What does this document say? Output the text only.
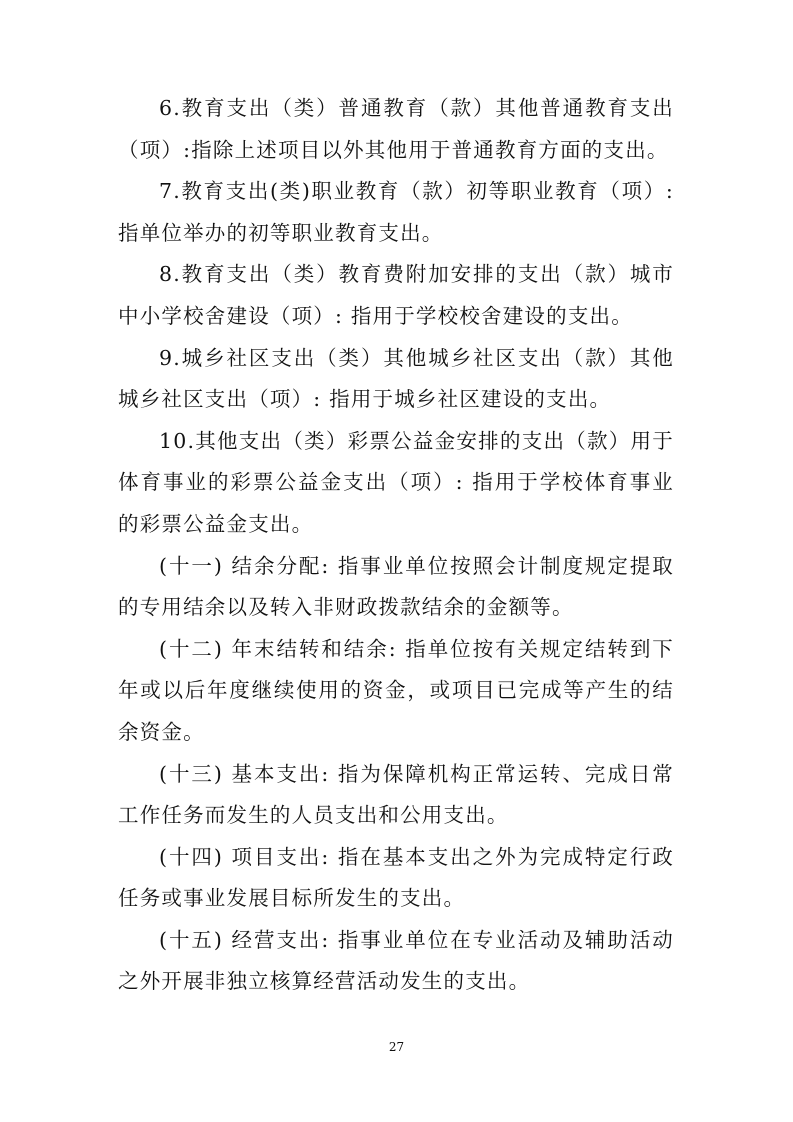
6.教育支出（类）普通教育（款）其他普通教育支出（项）:指除上述项目以外其他用于普通教育方面的支出。

7.教育支出(类)职业教育（款）初等职业教育（项）:指单位举办的初等职业教育支出。

8.教育支出（类）教育费附加安排的支出（款）城市中小学校舍建设（项）: 指用于学校校舍建设的支出。

9.城乡社区支出（类）其他城乡社区支出（款）其他城乡社区支出（项）: 指用于城乡社区建设的支出。

10.其他支出（类）彩票公益金安排的支出（款）用于体育事业的彩票公益金支出（项）: 指用于学校体育事业的彩票公益金支出。

(十一) 结余分配: 指事业单位按照会计制度规定提取的专用结余以及转入非财政拨款结余的金额等。

(十二) 年末结转和结余: 指单位按有关规定结转到下年或以后年度继续使用的资金，或项目已完成等产生的结余资金。

(十三) 基本支出: 指为保障机构正常运转、完成日常工作任务而发生的人员支出和公用支出。

(十四) 项目支出: 指在基本支出之外为完成特定行政任务或事业发展目标所发生的支出。

(十五) 经营支出: 指事业单位在专业活动及辅助活动之外开展非独立核算经营活动发生的支出。

27
